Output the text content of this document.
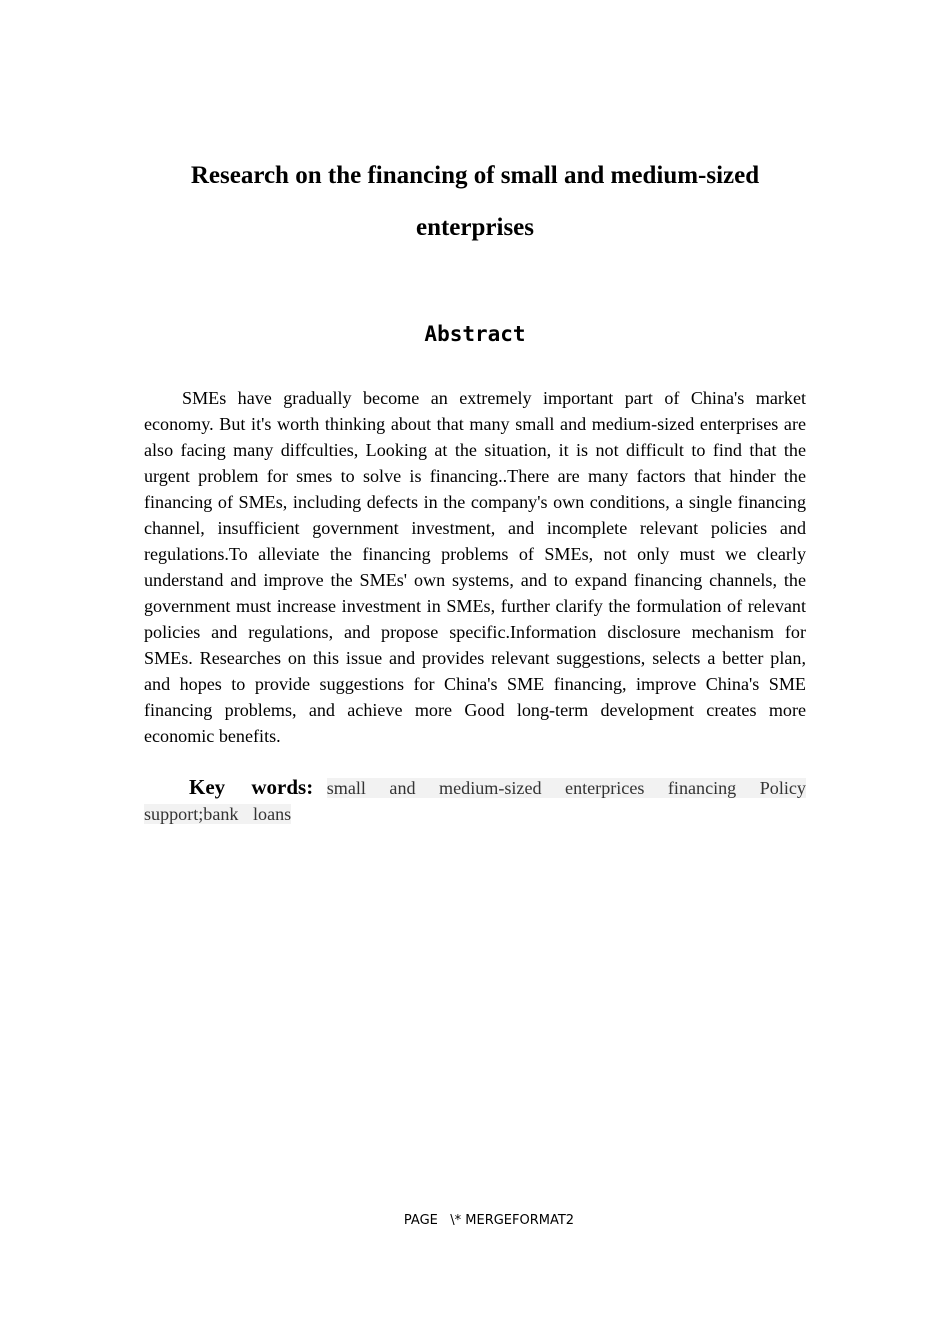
Research on the financing of small and medium-sized enterprises
Abstract

SMEs have gradually become an extremely important part of China's market economy. But it's worth thinking about that many small and medium-sized enterprises are also facing many diffculties, Looking at the situation, it is not difficult to find that the urgent problem for smes to solve is financing..There are many factors that hinder the financing of SMEs, including defects in the company's own conditions, a single financing channel, insufficient government investment, and incomplete relevant policies and regulations.To alleviate the financing problems of SMEs, not only must we clearly understand and improve the SMEs' own systems, and to expand financing channels, the government must increase investment in SMEs, further clarify the formulation of relevant policies and regulations, and propose specific.Information disclosure mechanism for SMEs. Researches on this issue and provides relevant suggestions, selects a better plan, and hopes to provide suggestions for China's SME financing, improve China's SME financing problems, and achieve more Good long-term development creates more economic benefits.

Key words: small and medium-sized enterprices financing Policy support;bank loans

PAGE   \* MERGEFORMAT2
